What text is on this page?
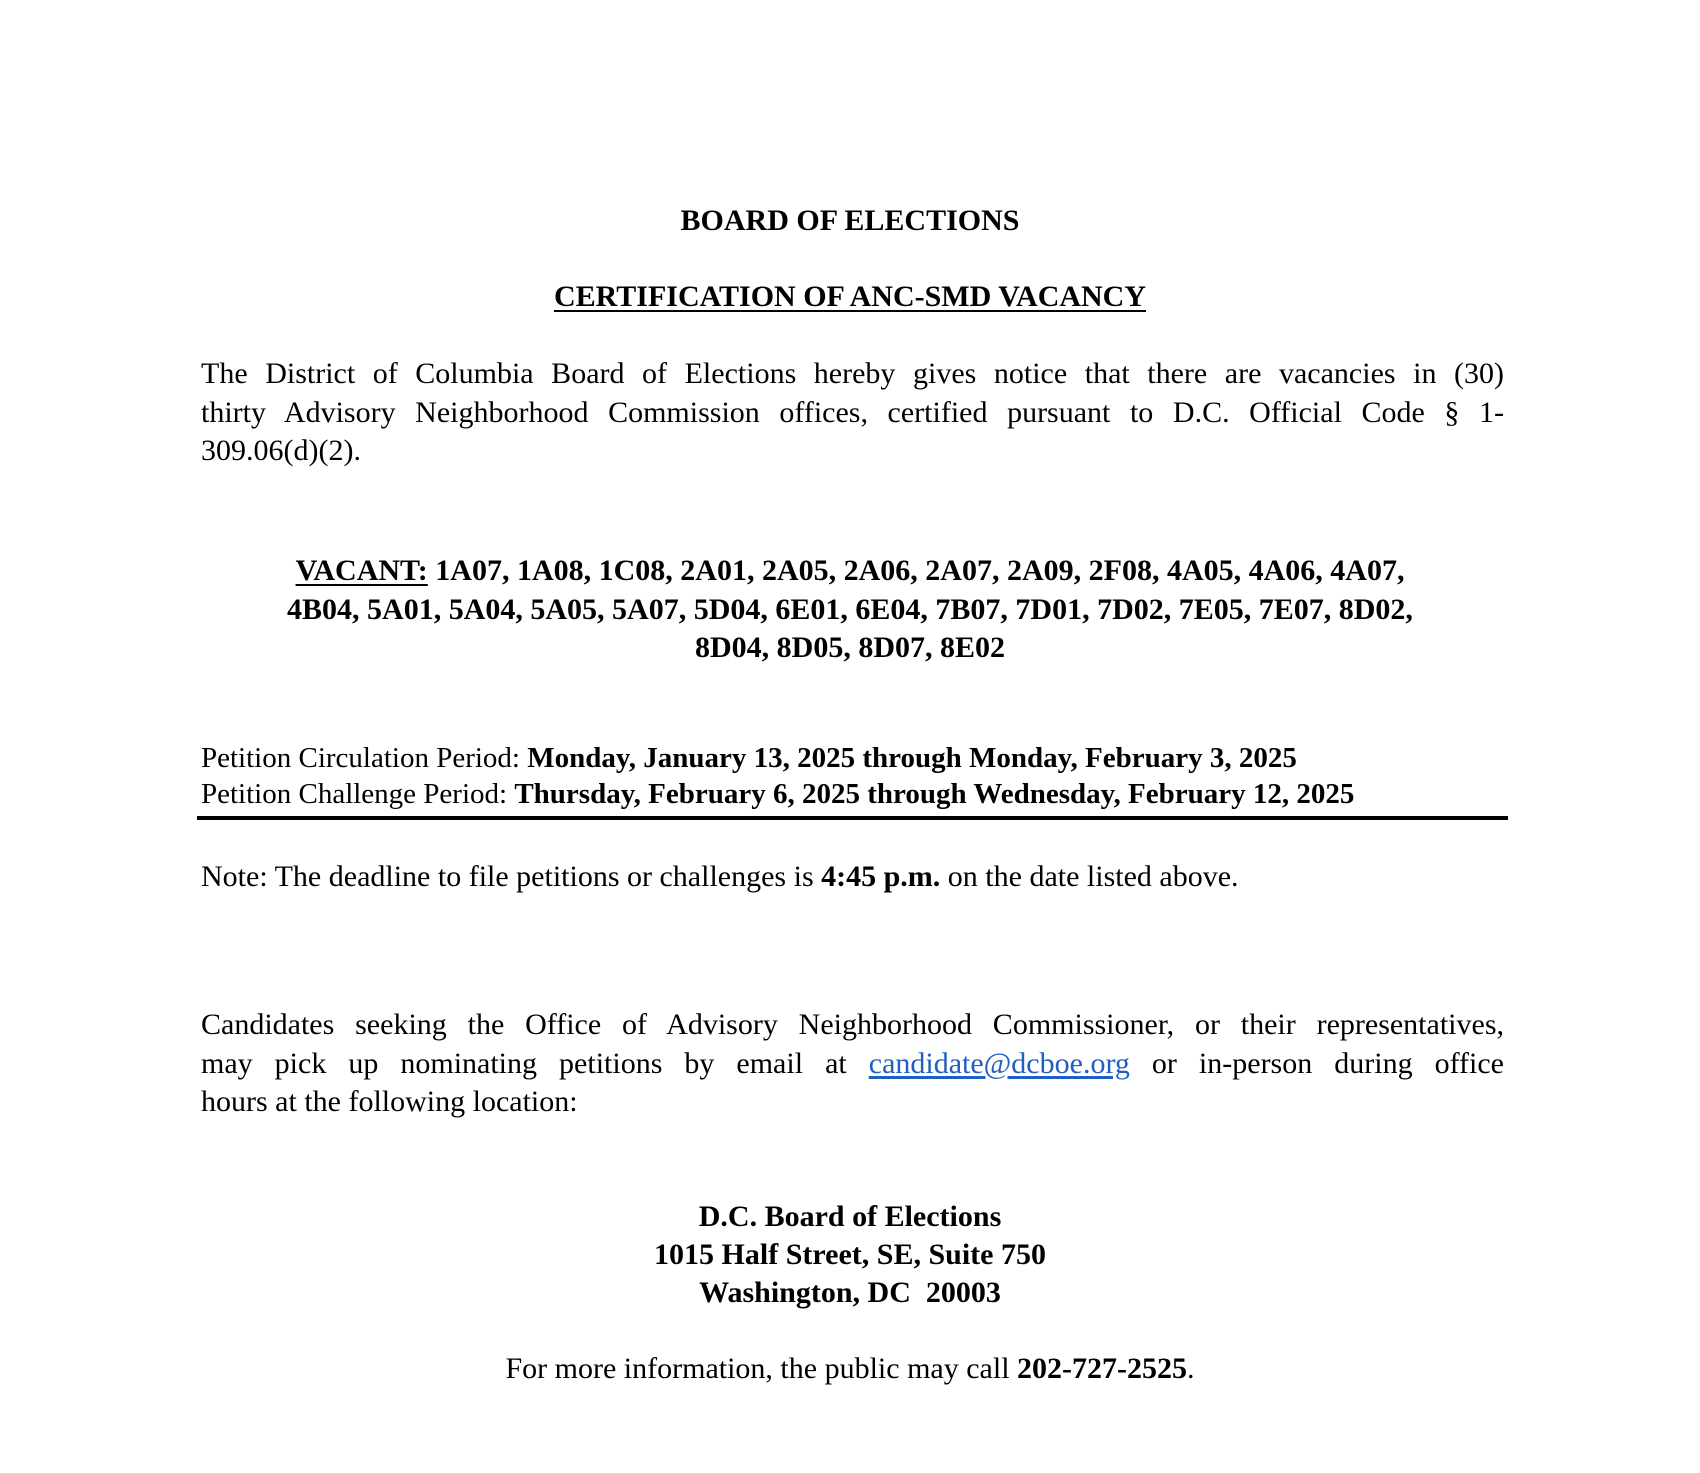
BOARD OF ELECTIONS
CERTIFICATION OF ANC-SMD VACANCY
The District of Columbia Board of Elections hereby gives notice that there are vacancies in (30)
thirty Advisory Neighborhood Commission offices, certified pursuant to D.C. Official Code § 1-
309.06(d)(2).
VACANT: 1A07, 1A08, 1C08, 2A01, 2A05, 2A06, 2A07, 2A09, 2F08, 4A05, 4A06, 4A07,
4B04, 5A01, 5A04, 5A05, 5A07, 5D04, 6E01, 6E04, 7B07, 7D01, 7D02, 7E05, 7E07, 8D02,
8D04, 8D05, 8D07, 8E02
Petition Circulation Period: Monday, January 13, 2025 through Monday, February 3, 2025
Petition Challenge Period: Thursday, February 6, 2025 through Wednesday, February 12, 2025
Note: The deadline to file petitions or challenges is 4:45 p.m. on the date listed above.
Candidates seeking the Office of Advisory Neighborhood Commissioner, or their representatives,
may pick up nominating petitions by email at candidate@dcboe.org or in-person during office
hours at the following location:
D.C. Board of Elections
1015 Half Street, SE, Suite 750
Washington, DC  20003
For more information, the public may call 202-727-2525.
